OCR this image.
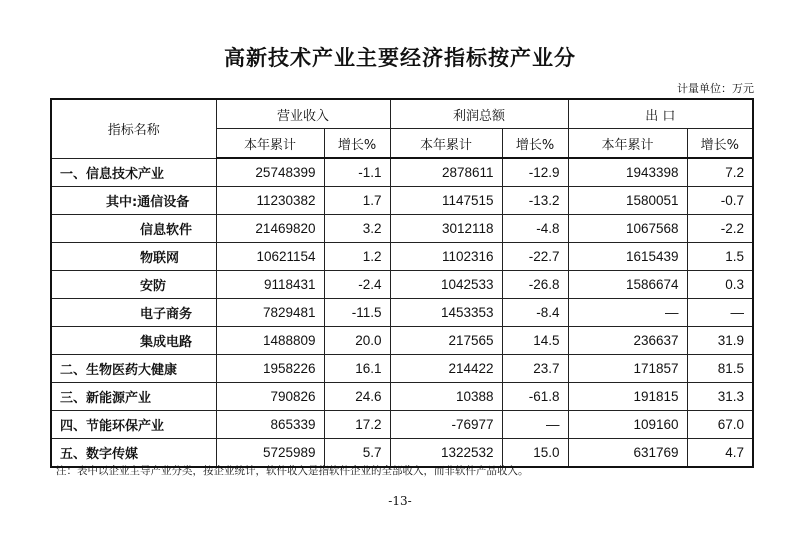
高新技术产业主要经济指标按产业分
计量单位：万元
指标名称	营业收入		利润总额		出 口	
	本年累计	增长%	本年累计	增长%	本年累计	增长%
一、信息技术产业	25748399	-1.1	2878611	-12.9	1943398	7.2
其中:通信设备	11230382	1.7	1147515	-13.2	1580051	-0.7
信息软件	21469820	3.2	3012118	-4.8	1067568	-2.2
物联网	10621154	1.2	1102316	-22.7	1615439	1.5
安防	9118431	-2.4	1042533	-26.8	1586674	0.3
电子商务	7829481	-11.5	1453353	-8.4	—	—
集成电路	1488809	20.0	217565	14.5	236637	31.9
二、生物医药大健康	1958226	16.1	214422	23.7	171857	81.5
三、新能源产业	790826	24.6	10388	-61.8	191815	31.3
四、节能环保产业	865339	17.2	-76977	—	109160	67.0
五、数字传媒	5725989	5.7	1322532	15.0	631769	4.7
注：表中以企业主导产业分类，按企业统计，软件收入是指软件企业的全部收入，而非软件产品收入。
-13-
